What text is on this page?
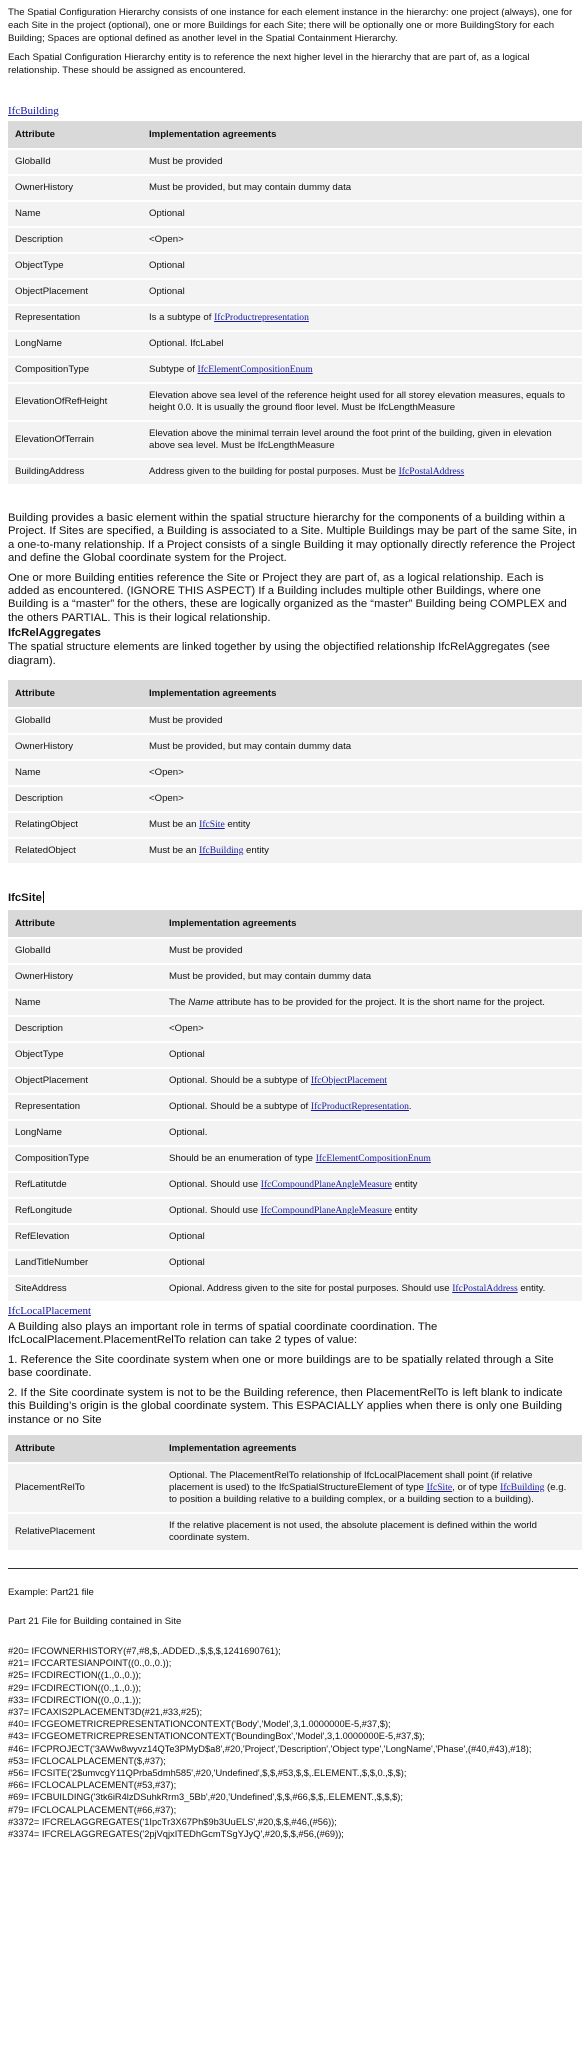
The Spatial Configuration Hierarchy consists of one instance for each element instance in the hierarchy: one project (always), one for each Site in the project (optional), one or more Buildings for each Site; there will be optionally one or more BuildingStory for each Building; Spaces are optional defined as another level in the Spatial Containment Hierarchy.

Each Spatial Configuration Hierarchy entity is to reference the next higher level in the hierarchy that are part of, as a logical relationship. These should be assigned as encountered.

IfcBuilding
Attribute	Implementation agreements
GlobalId	Must be provided
OwnerHistory	Must be provided, but may contain dummy data
Name	Optional
Description	<Open>
ObjectType	Optional
ObjectPlacement	Optional
Representation	Is a subtype of IfcProductrepresentation
LongName	Optional. IfcLabel
CompositionType	Subtype of IfcElementCompositionEnum
ElevationOfRefHeight	Elevation above sea level of the reference height used for all storey elevation measures, equals to height 0.0. It is usually the ground floor level. Must be IfcLengthMeasure
ElevationOfTerrain	Elevation above the minimal terrain level around the foot print of the building, given in elevation above sea level. Must be IfcLengthMeasure
BuildingAddress	Address given to the building for postal purposes. Must be IfcPostalAddress

Building provides a basic element within the spatial structure hierarchy for the components of a building within a Project. If Sites are specified, a Building is associated to a Site. Multiple Buildings may be part of the same Site, in a one-to-many relationship. If a Project consists of a single Building it may optionally directly reference the Project and define the Global coordinate system for the Project.

One or more Building entities reference the Site or Project they are part of, as a logical relationship. Each is added as encountered. (IGNORE THIS ASPECT) If a Building includes multiple other Buildings, where one Building is a “master” for the others, these are logically organized as the “master” Building being COMPLEX and the others PARTIAL. This is their logical relationship.

IfcRelAggregates

The spatial structure elements are linked together by using the objectified relationship IfcRelAggregates (see diagram).

Attribute	Implementation agreements
GlobalId	Must be provided
OwnerHistory	Must be provided, but may contain dummy data
Name	<Open>
Description	<Open>
RelatingObject	Must be an IfcSite entity
RelatedObject	Must be an IfcBuilding entity
IfcSite
Attribute	Implementation agreements
GlobalId	Must be provided
OwnerHistory	Must be provided, but may contain dummy data
Name	The Name attribute has to be provided for the project. It is the short name for the project.
Description	<Open>
ObjectType	Optional
ObjectPlacement	Optional. Should be a subtype of IfcObjectPlacement
Representation	Optional. Should be a subtype of IfcProductRepresentation.
LongName	Optional.
CompositionType	Should be an enumeration of type IfcElementCompositionEnum
RefLatitutde	Optional. Should use IfcCompoundPlaneAngleMeasure entity
RefLongitude	Optional. Should use IfcCompoundPlaneAngleMeasure entity
RefElevation	Optional
LandTitleNumber	Optional
SiteAddress	Opional. Address given to the site for postal purposes. Should use IfcPostalAddress entity.
IfcLocalPlacement

A Building also plays an important role in terms of spatial coordinate coordination. The IfcLocalPlacement.PlacementRelTo relation can take 2 types of value:

1. Reference the Site coordinate system when one or more buildings are to be spatially related through a Site base coordinate.

2. If the Site coordinate system is not to be the Building reference, then PlacementRelTo is left blank to indicate this Building’s origin is the global coordinate system. This ESPACIALLY applies when there is only one Building instance or no Site

Attribute	Implementation agreements
PlacementRelTo	Optional. The PlacementRelTo relationship of IfcLocalPlacement shall point (if relative placement is used) to the IfcSpatialStructureElement of type IfcSite, or of type IfcBuilding (e.g. to position a building relative to a building complex, or a building section to a building).
RelativePlacement	If the relative placement is not used, the absolute placement is defined within the world coordinate system.

Example: Part21 file

Part 21 File for Building contained in Site

#20= IFCOWNERHISTORY(#7,#8,$,.ADDED.,$,$,$,1241690761);

#21= IFCCARTESIANPOINT((0.,0.,0.));

#25= IFCDIRECTION((1.,0.,0.));

#29= IFCDIRECTION((0.,1.,0.));

#33= IFCDIRECTION((0.,0.,1.));

#37= IFCAXIS2PLACEMENT3D(#21,#33,#25);

#40= IFCGEOMETRICREPRESENTATIONCONTEXT('Body','Model',3,1.0000000E-5,#37,$);

#43= IFCGEOMETRICREPRESENTATIONCONTEXT('BoundingBox','Model',3,1.0000000E-5,#37,$);

#46= IFCPROJECT('3AWw8wyvz14QTe3PMyD$a8',#20,'Project','Description','Object type','LongName','Phase',(#40,#43),#18);

#53= IFCLOCALPLACEMENT($,#37);

#56= IFCSITE('2$umvcgY11QPrba5dmh585',#20,'Undefined',$,$,#53,$,$,.ELEMENT.,$,$,0.,$,$);

#66= IFCLOCALPLACEMENT(#53,#37);

#69= IFCBUILDING('3tk6iR4lzDSuhkRrm3_5Bb',#20,'Undefined',$,$,#66,$,$,.ELEMENT.,$,$,$);

#79= IFCLOCALPLACEMENT(#66,#37);

#3372= IFCRELAGGREGATES('1IpcTr3X67Ph$9b3UuELS',#20,$,$,#46,(#56));

#3374= IFCRELAGGREGATES('2pjVqjxITEDhGcmTSgYJyQ',#20,$,$,#56,(#69));
